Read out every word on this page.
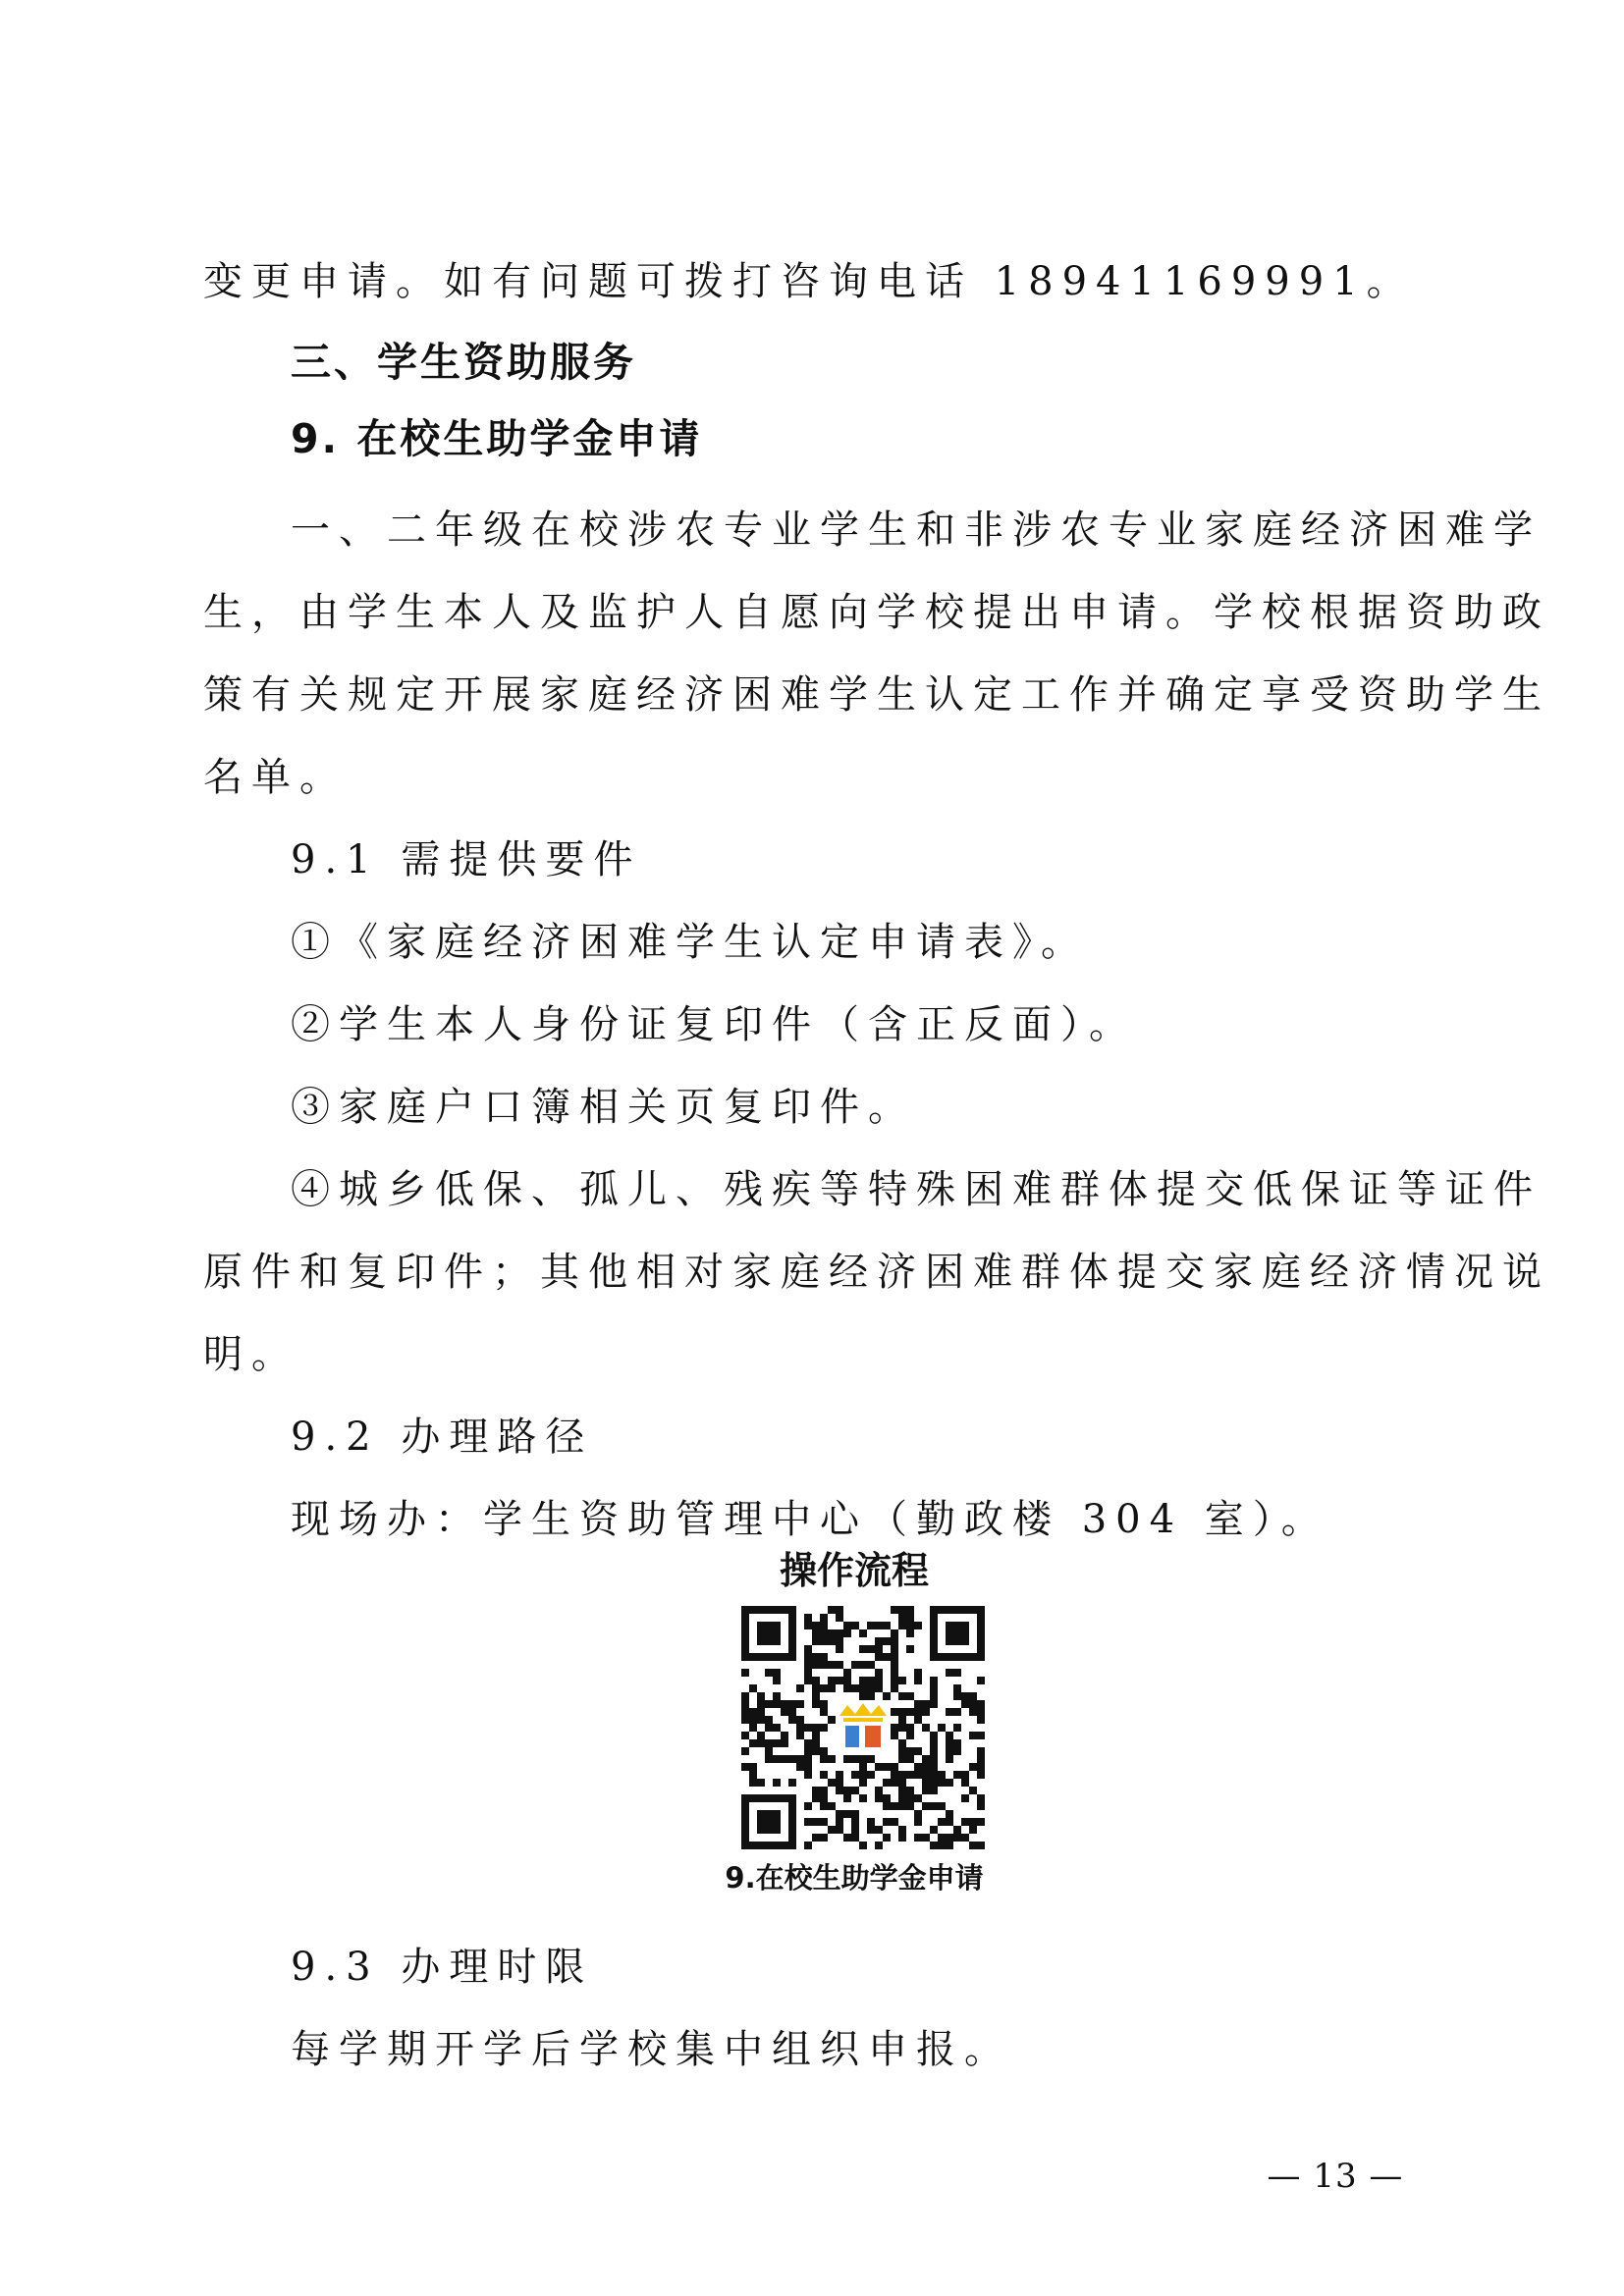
变更申请。如有问题可拨打咨询电话 18941169991。
三、学生资助服务
9. 在校生助学金申请
一、二年级在校涉农专业学生和非涉农专业家庭经济困难学
生，由学生本人及监护人自愿向学校提出申请。学校根据资助政
策有关规定开展家庭经济困难学生认定工作并确定享受资助学生
名单。
9.1 需提供要件
①《家庭经济困难学生认定申请表》。
②学生本人身份证复印件（含正反面）。
③家庭户口簿相关页复印件。
④城乡低保、孤儿、残疾等特殊困难群体提交低保证等证件
原件和复印件；其他相对家庭经济困难群体提交家庭经济情况说
明。
9.2 办理路径
现场办：学生资助管理中心（勤政楼 304 室）。
操作流程
9.在校生助学金申请
9.3 办理时限
每学期开学后学校集中组织申报。
— 13 —
